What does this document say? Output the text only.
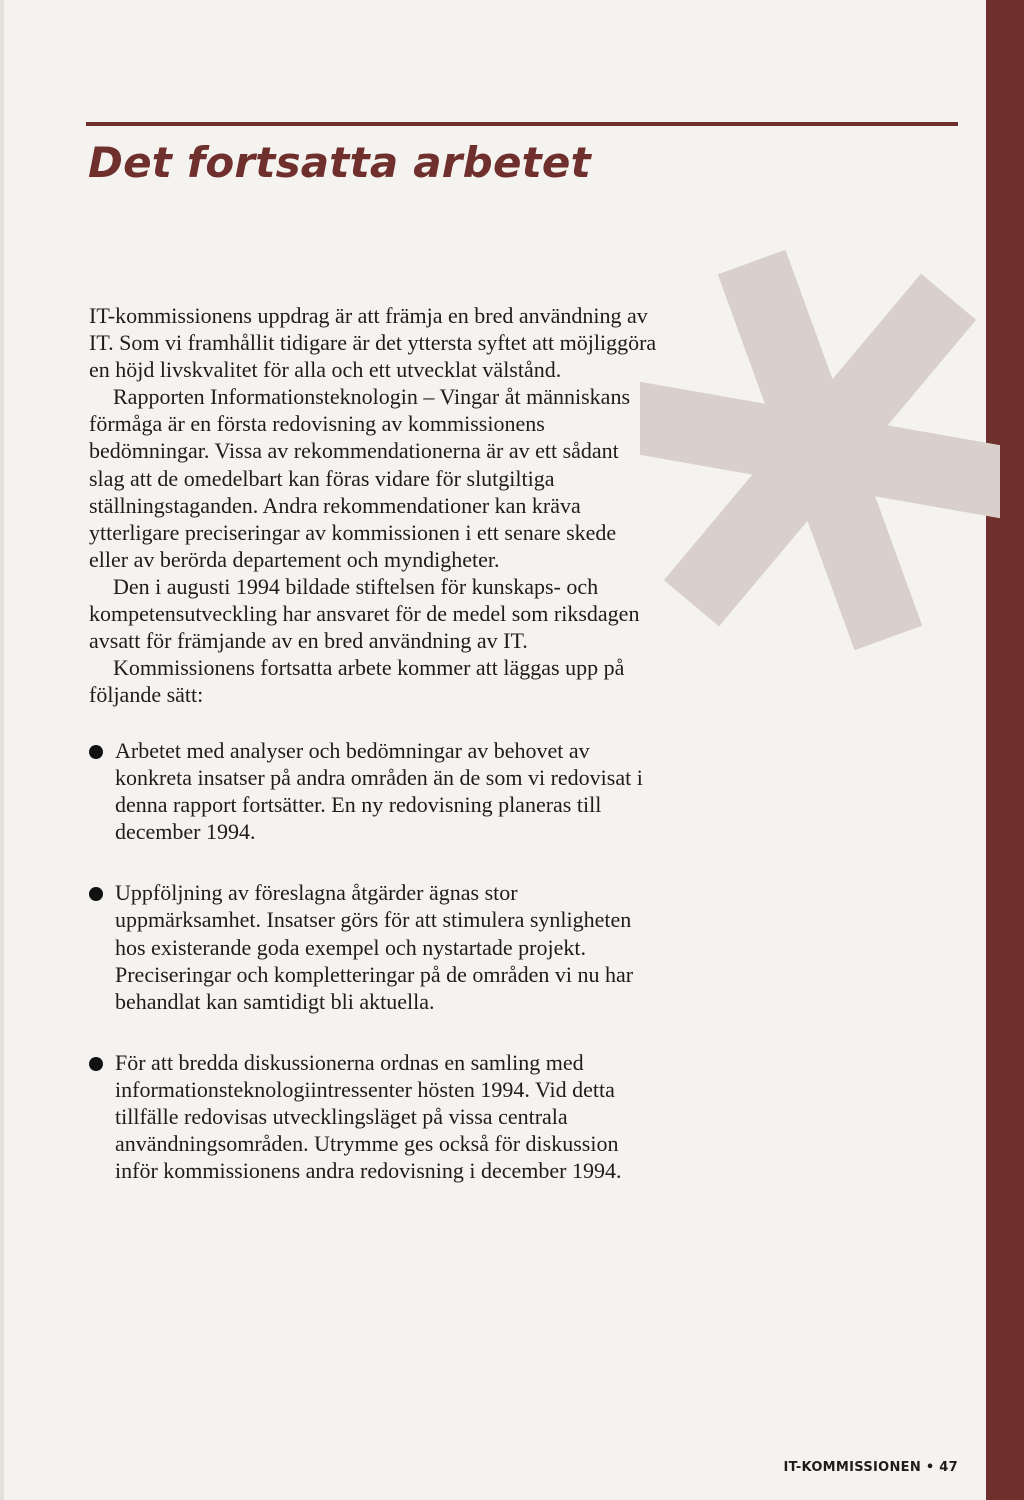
Det fortsatta arbetet

IT-kommissionens uppdrag är att främja en bred användning av IT. Som vi framhållit tidigare är det yttersta syftet att möjliggöra en höjd livskvalitet för alla och ett utvecklat välstånd.

Rapporten Informationsteknologin – Vingar åt människans förmåga är en första redovisning av kommissionens bedömningar. Vissa av rekommendationerna är av ett sådant slag att de omedelbart kan föras vidare för slutgiltiga ställningstaganden. Andra rekommendationer kan kräva ytterligare preciseringar av kommissionen i ett senare skede eller av berörda departement och myndigheter.

Den i augusti 1994 bildade stiftelsen för kunskaps- och kompetensutveckling har ansvaret för de medel som riksdagen avsatt för främjande av en bred användning av IT.

Kommissionens fortsatta arbete kommer att läggas upp på följande sätt:

Arbetet med analyser och bedömningar av behovet av konkreta insatser på andra områden än de som vi redovisat i denna rapport fortsätter. En ny redovisning planeras till december 1994.
Uppföljning av föreslagna åtgärder ägnas stor uppmärksamhet. Insatser görs för att stimulera synligheten hos existerande goda exempel och nystartade projekt. Preciseringar och kompletteringar på de områden vi nu har behandlat kan samtidigt bli aktuella.
För att bredda diskussionerna ordnas en samling med informationsteknologiintressenter hösten 1994. Vid detta tillfälle redovisas utvecklingsläget på vissa centrala användningsområden. Utrymme ges också för diskussion inför kommissionens andra redovisning i december 1994.
IT-KOMMISSIONEN • 47
